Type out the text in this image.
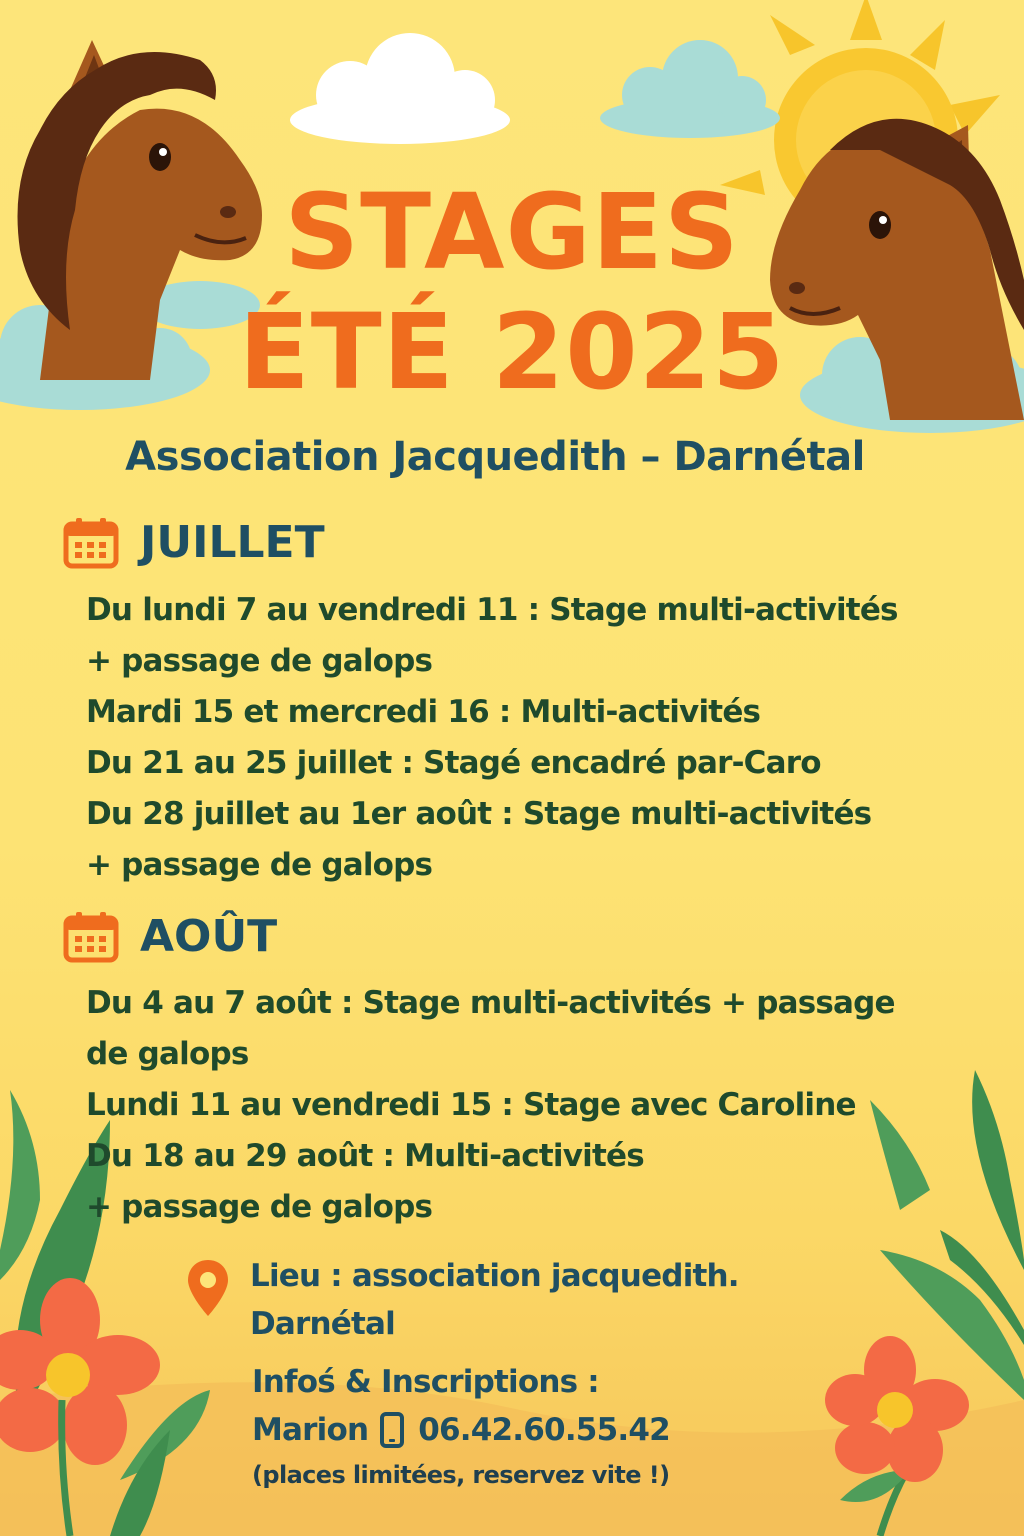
STAGES
ÉTÉ 2025
Association Jacquedith – Darnétal
JUILLET
Du lundi 7 au vendredi 11 : Stage multi-activités
+ passage de galops
Mardi 15 et mercredi 16 : Multi-activités
Du 21 au 25 juillet : Stagé encadré par-Caro
Du 28 juillet au 1er août : Stage multi-activités
+ passage de galops
AOÛT
Du 4 au 7 août : Stage multi-activités + passage
de galops
Lundi 11 au vendredi 15 : Stage avec Caroline
Du 18 au 29 août : Multi-activités
+ passage de galops
Lieu : association jacquedith. Darnétal
Infoś & Inscriptions :
Marion 06.42.60.55.42
(places limitées, reservez vite !)
